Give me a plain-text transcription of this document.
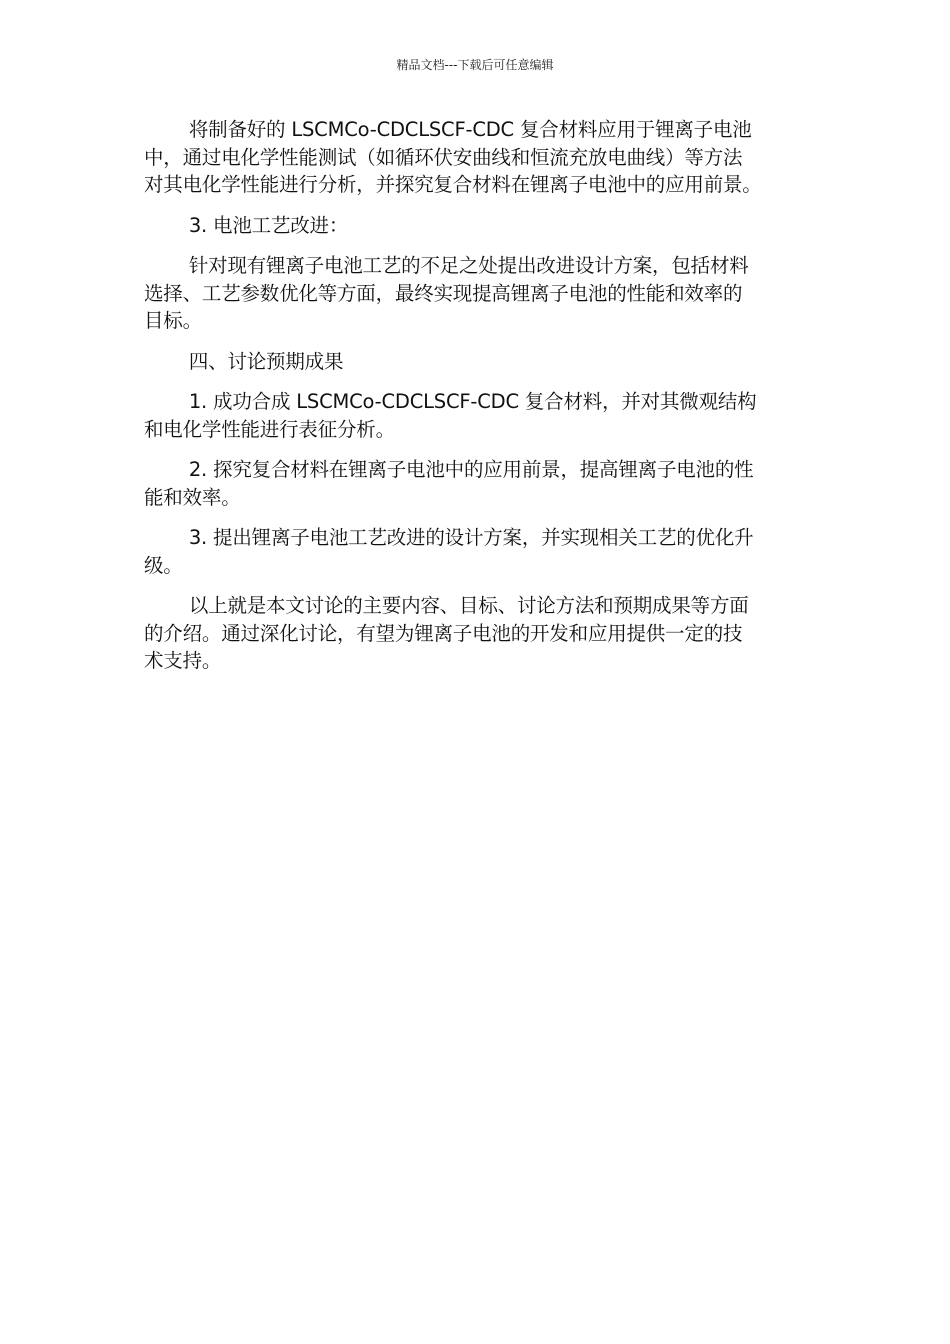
精品文档---下载后可任意编辑

将制备好的 LSCMCo-CDCLSCF-CDC 复合材料应用于锂离子电池
中，通过电化学性能测试（如循环伏安曲线和恒流充放电曲线）等方法
对其电化学性能进行分析，并探究复合材料在锂离子电池中的应用前景。

3. 电池工艺改进：

针对现有锂离子电池工艺的不足之处提出改进设计方案，包括材料
选择、工艺参数优化等方面，最终实现提高锂离子电池的性能和效率的
目标。

四、讨论预期成果

1. 成功合成 LSCMCo-CDCLSCF-CDC 复合材料，并对其微观结构
和电化学性能进行表征分析。

2. 探究复合材料在锂离子电池中的应用前景，提高锂离子电池的性
能和效率。

3. 提出锂离子电池工艺改进的设计方案，并实现相关工艺的优化升
级。

以上就是本文讨论的主要内容、目标、讨论方法和预期成果等方面
的介绍。通过深化讨论，有望为锂离子电池的开发和应用提供一定的技
术支持。
